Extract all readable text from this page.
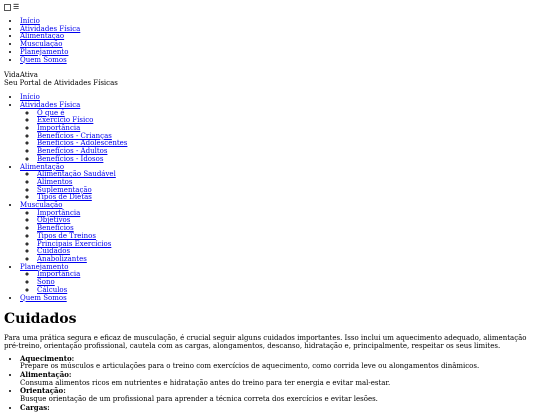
☰
• Início
• Atividades Física
• Alimentação
• Musculação
• Planejamento
• Quem Somos
VidaAtiva
Seu Portal de Atividades Físicas
• Início
• Atividades Física
◦ O que é
◦ Exercício Físico
◦ Importância
◦ Benefícios - Crianças
◦ Benefícios - Adolescentes
◦ Benefícios - Adultos
◦ Benefícios - Idosos
• Alimentação
◦ Alimentação Saudável
◦ Alimentos
◦ Suplementação
◦ Tipos de Dietas
• Musculação
◦ Importância
◦ Objetivos
◦ Benefícios
◦ Tipos de Treinos
◦ Principais Exercícios
◦ Cuidados
◦ Anabolizantes
• Planejamento
◦ Importância
◦ Sono
◦ Cálculos
• Quem Somos
Cuidados

Para uma prática segura e eficaz de musculação, é crucial seguir alguns cuidados importantes. Isso inclui um aquecimento adequado, alimentação pré-treino, orientação profissional, cautela com as cargas, alongamentos, descanso, hidratação e, principalmente, respeitar os seus limites.

• Aquecimento:
Prepare os músculos e articulações para o treino com exercícios de aquecimento, como corrida leve ou alongamentos dinâmicos.
• Alimentação:
Consuma alimentos ricos em nutrientes e hidratação antes do treino para ter energia e evitar mal-estar.
• Orientação:
Busque orientação de um profissional para aprender a técnica correta dos exercícios e evitar lesões.
• Cargas:
